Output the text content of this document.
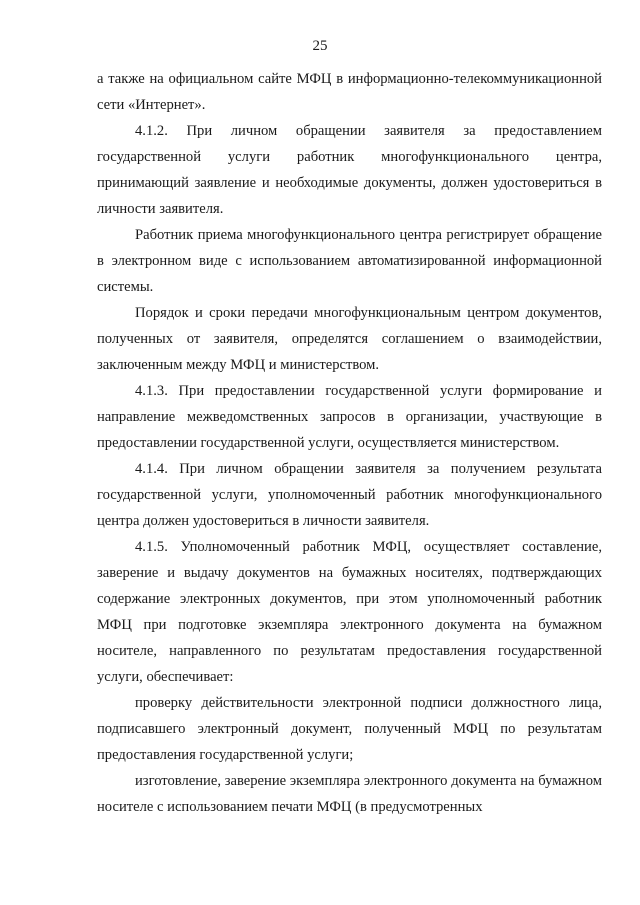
25

а также на официальном сайте МФЦ в информационно-телекоммуникационной сети «Интернет».

4.1.2. При личном обращении заявителя за предоставлением государственной услуги работник многофункционального центра, принимающий заявление и необходимые документы, должен удостовериться в личности заявителя.

Работник приема многофункционального центра регистрирует обращение в электронном виде с использованием автоматизированной информационной системы.

Порядок и сроки передачи многофункциональным центром документов, полученных от заявителя, определятся соглашением о взаимодействии, заключенным между МФЦ и министерством.

4.1.3. При предоставлении государственной услуги формирование и направление межведомственных запросов в организации, участвующие в предоставлении государственной услуги, осуществляется министерством.

4.1.4. При личном обращении заявителя за получением результата государственной услуги, уполномоченный работник многофункционального центра должен удостовериться в личности заявителя.

4.1.5. Уполномоченный работник МФЦ, осуществляет составление, заверение и выдачу документов на бумажных носителях, подтверждающих содержание электронных документов, при этом уполномоченный работник МФЦ при подготовке экземпляра электронного документа на бумажном носителе, направленного по результатам предоставления государственной услуги, обеспечивает:

проверку действительности электронной подписи должностного лица, подписавшего электронный документ, полученный МФЦ по результатам предоставления государственной услуги;

изготовление, заверение экземпляра электронного документа на бумажном носителе с использованием печати МФЦ (в предусмотренных
